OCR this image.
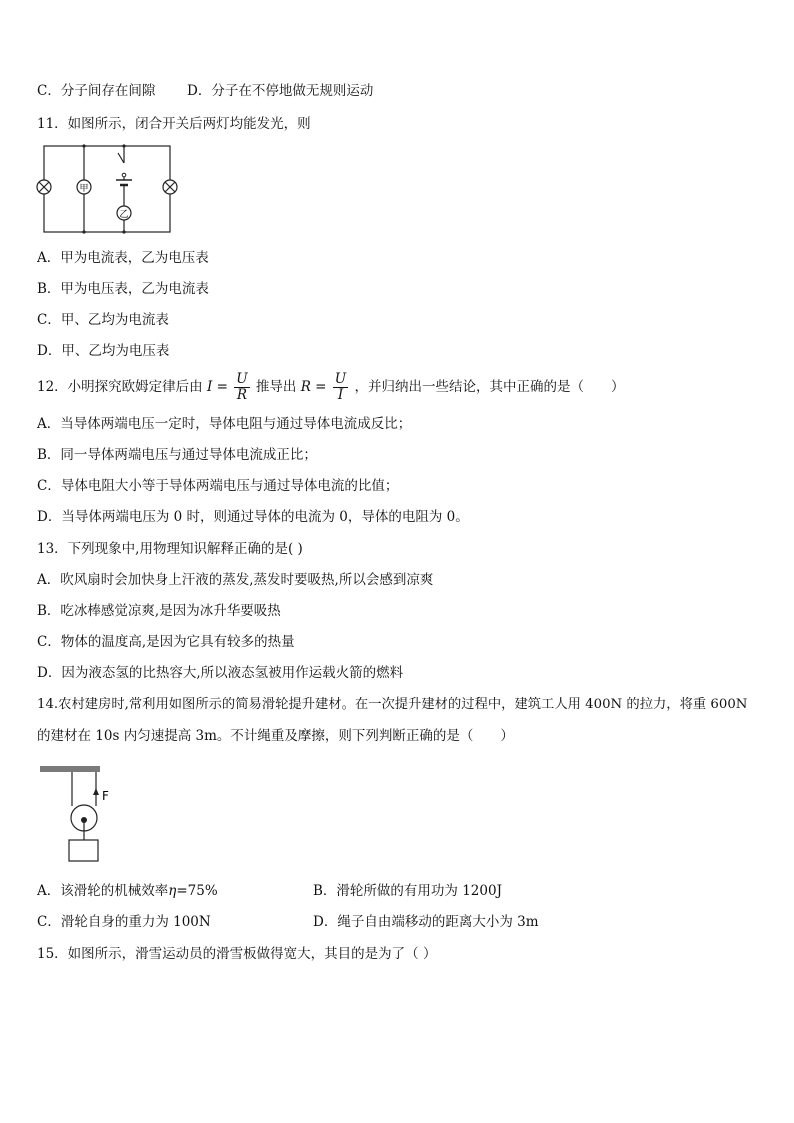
C．分子间存在间隙 D．分子在不停地做无规则运动
11．如图所示，闭合开关后两灯均能发光，则
甲
乙
A．甲为电流表，乙为电压表
B．甲为电压表，乙为电流表
C．甲、乙均为电流表
D．甲、乙均为电压表
12．小明探究欧姆定律后由 $I = \frac{U}{R}$ 推导出 $R = \frac{U}{I}$ ，并归纳出一些结论，其中正确的是（　　）
A．当导体两端电压一定时，导体电阻与通过导体电流成反比；
B．同一导体两端电压与通过导体电流成正比；
C．导体电阻大小等于导体两端电压与通过导体电流的比值；
D．当导体两端电压为 0 时，则通过导体的电流为 0，导体的电阻为 0。
13．下列现象中,用物理知识解释正确的是( )
A．吹风扇时会加快身上汗液的蒸发,蒸发时要吸热,所以会感到凉爽
B．吃冰棒感觉凉爽,是因为冰升华要吸热
C．物体的温度高,是因为它具有较多的热量
D．因为液态氢的比热容大,所以液态氢被用作运载火箭的燃料
14.农村建房时,常利用如图所示的简易滑轮提升建材。在一次提升建材的过程中，建筑工人用 400N 的拉力，将重 600N
的建材在 10s 内匀速提高 3m。不计绳重及摩擦，则下列判断正确的是（　　）
F
A．该滑轮的机械效率η=75%	B．滑轮所做的有用功为 1200J
C．滑轮自身的重力为 100N	D．绳子自由端移动的距离大小为 3m
15．如图所示，滑雪运动员的滑雪板做得宽大，其目的是为了（ ）
